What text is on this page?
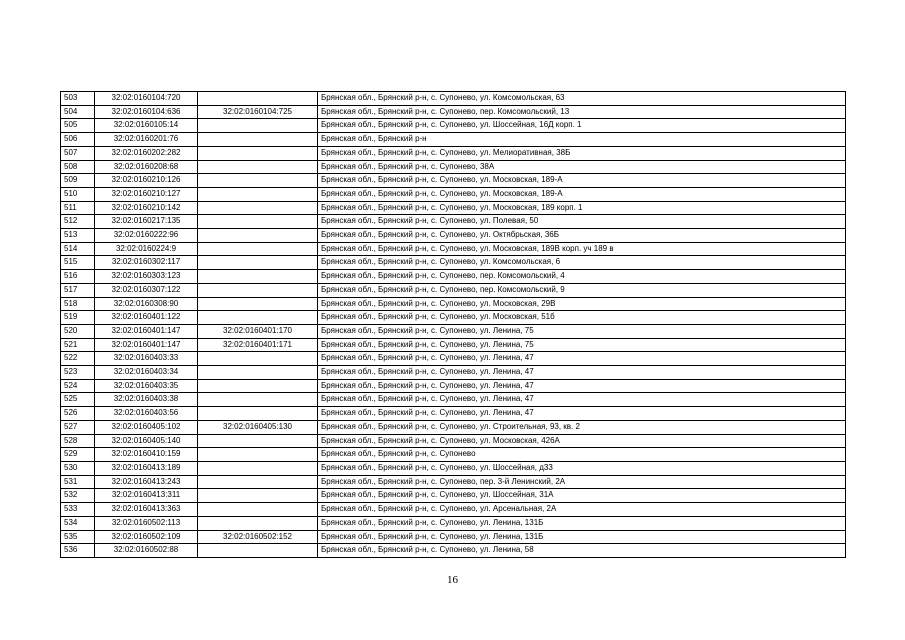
503	32:02:0160104:720		Брянская обл., Брянский р-н, с. Супонево, ул. Комсомольская, 63
504	32:02:0160104:636	32:02:0160104:725	Брянская обл., Брянский р-н, с. Супонево, пер. Комсомольский, 13
505	32:02:0160105:14		Брянская обл., Брянский р-н, с. Супонево, ул. Шоссейная, 16Д корп. 1
506	32:02:0160201:76		Брянская обл., Брянский р-н
507	32:02:0160202:282		Брянская обл., Брянский р-н, с. Супонево, ул. Мелиоративная, 38Б
508	32:02:0160208:68		Брянская обл., Брянский р-н, с. Супонево, 38А
509	32:02:0160210:126		Брянская обл., Брянский р-н, с. Супонево, ул. Московская, 189-А
510	32:02:0160210:127		Брянская обл., Брянский р-н, с. Супонево, ул. Московская, 189-А
511	32:02:0160210:142		Брянская обл., Брянский р-н, с. Супонево, ул. Московская, 189 корп. 1
512	32:02:0160217:135		Брянская обл., Брянский р-н, с. Супонево, ул. Полевая, 50
513	32:02:0160222:96		Брянская обл., Брянский р-н, с. Супонево, ул. Октябрьская, 36Б
514	32:02:0160224:9		Брянская обл., Брянский р-н, с. Супонево, ул. Московская, 189В корп. уч 189 в
515	32:02:0160302:117		Брянская обл., Брянский р-н, с. Супонево, ул. Комсомольская, 6
516	32:02:0160303:123		Брянская обл., Брянский р-н, с. Супонево, пер. Комсомольский, 4
517	32:02:0160307:122		Брянская обл., Брянский р-н, с. Супонево, пер. Комсомольский, 9
518	32:02:0160308:90		Брянская обл., Брянский р-н, с. Супонево, ул. Московская, 29В
519	32:02:0160401:122		Брянская обл., Брянский р-н, с. Супонево, ул. Московская, 51б
520	32:02:0160401:147	32:02:0160401:170	Брянская обл., Брянский р-н, с. Супонево, ул. Ленина, 75
521	32:02:0160401:147	32:02:0160401:171	Брянская обл., Брянский р-н, с. Супонево, ул. Ленина, 75
522	32:02:0160403:33		Брянская обл., Брянский р-н, с. Супонево, ул. Ленина, 47
523	32:02:0160403:34		Брянская обл., Брянский р-н, с. Супонево, ул. Ленина, 47
524	32:02:0160403:35		Брянская обл., Брянский р-н, с. Супонево, ул. Ленина, 47
525	32:02:0160403:38		Брянская обл., Брянский р-н, с. Супонево, ул. Ленина, 47
526	32:02:0160403:56		Брянская обл., Брянский р-н, с. Супонево, ул. Ленина, 47
527	32:02:0160405:102	32:02:0160405:130	Брянская обл., Брянский р-н, с. Супонево, ул. Строительная, 93, кв. 2
528	32:02:0160405:140		Брянская обл., Брянский р-н, с. Супонево, ул. Московская, 426А
529	32:02:0160410:159		Брянская обл., Брянский р-н, с. Супонево
530	32:02:0160413:189		Брянская обл., Брянский р-н, с. Супонево, ул. Шоссейная, д33
531	32:02:0160413:243		Брянская обл., Брянский р-н, с. Супонево, пер. 3-й Ленинский, 2А
532	32:02:0160413:311		Брянская обл., Брянский р-н, с. Супонево, ул. Шоссейная, 31А
533	32:02:0160413:363		Брянская обл., Брянский р-н, с. Супонево, ул. Арсенальная, 2А
534	32:02:0160502:113		Брянская обл., Брянский р-н, с. Супонево, ул. Ленина, 131Б
535	32:02:0160502:109	32:02:0160502:152	Брянская обл., Брянский р-н, с. Супонево, ул. Ленина, 131Б
536	32:02:0160502:88		Брянская обл., Брянский р-н, с. Супонево, ул. Ленина, 58
16
